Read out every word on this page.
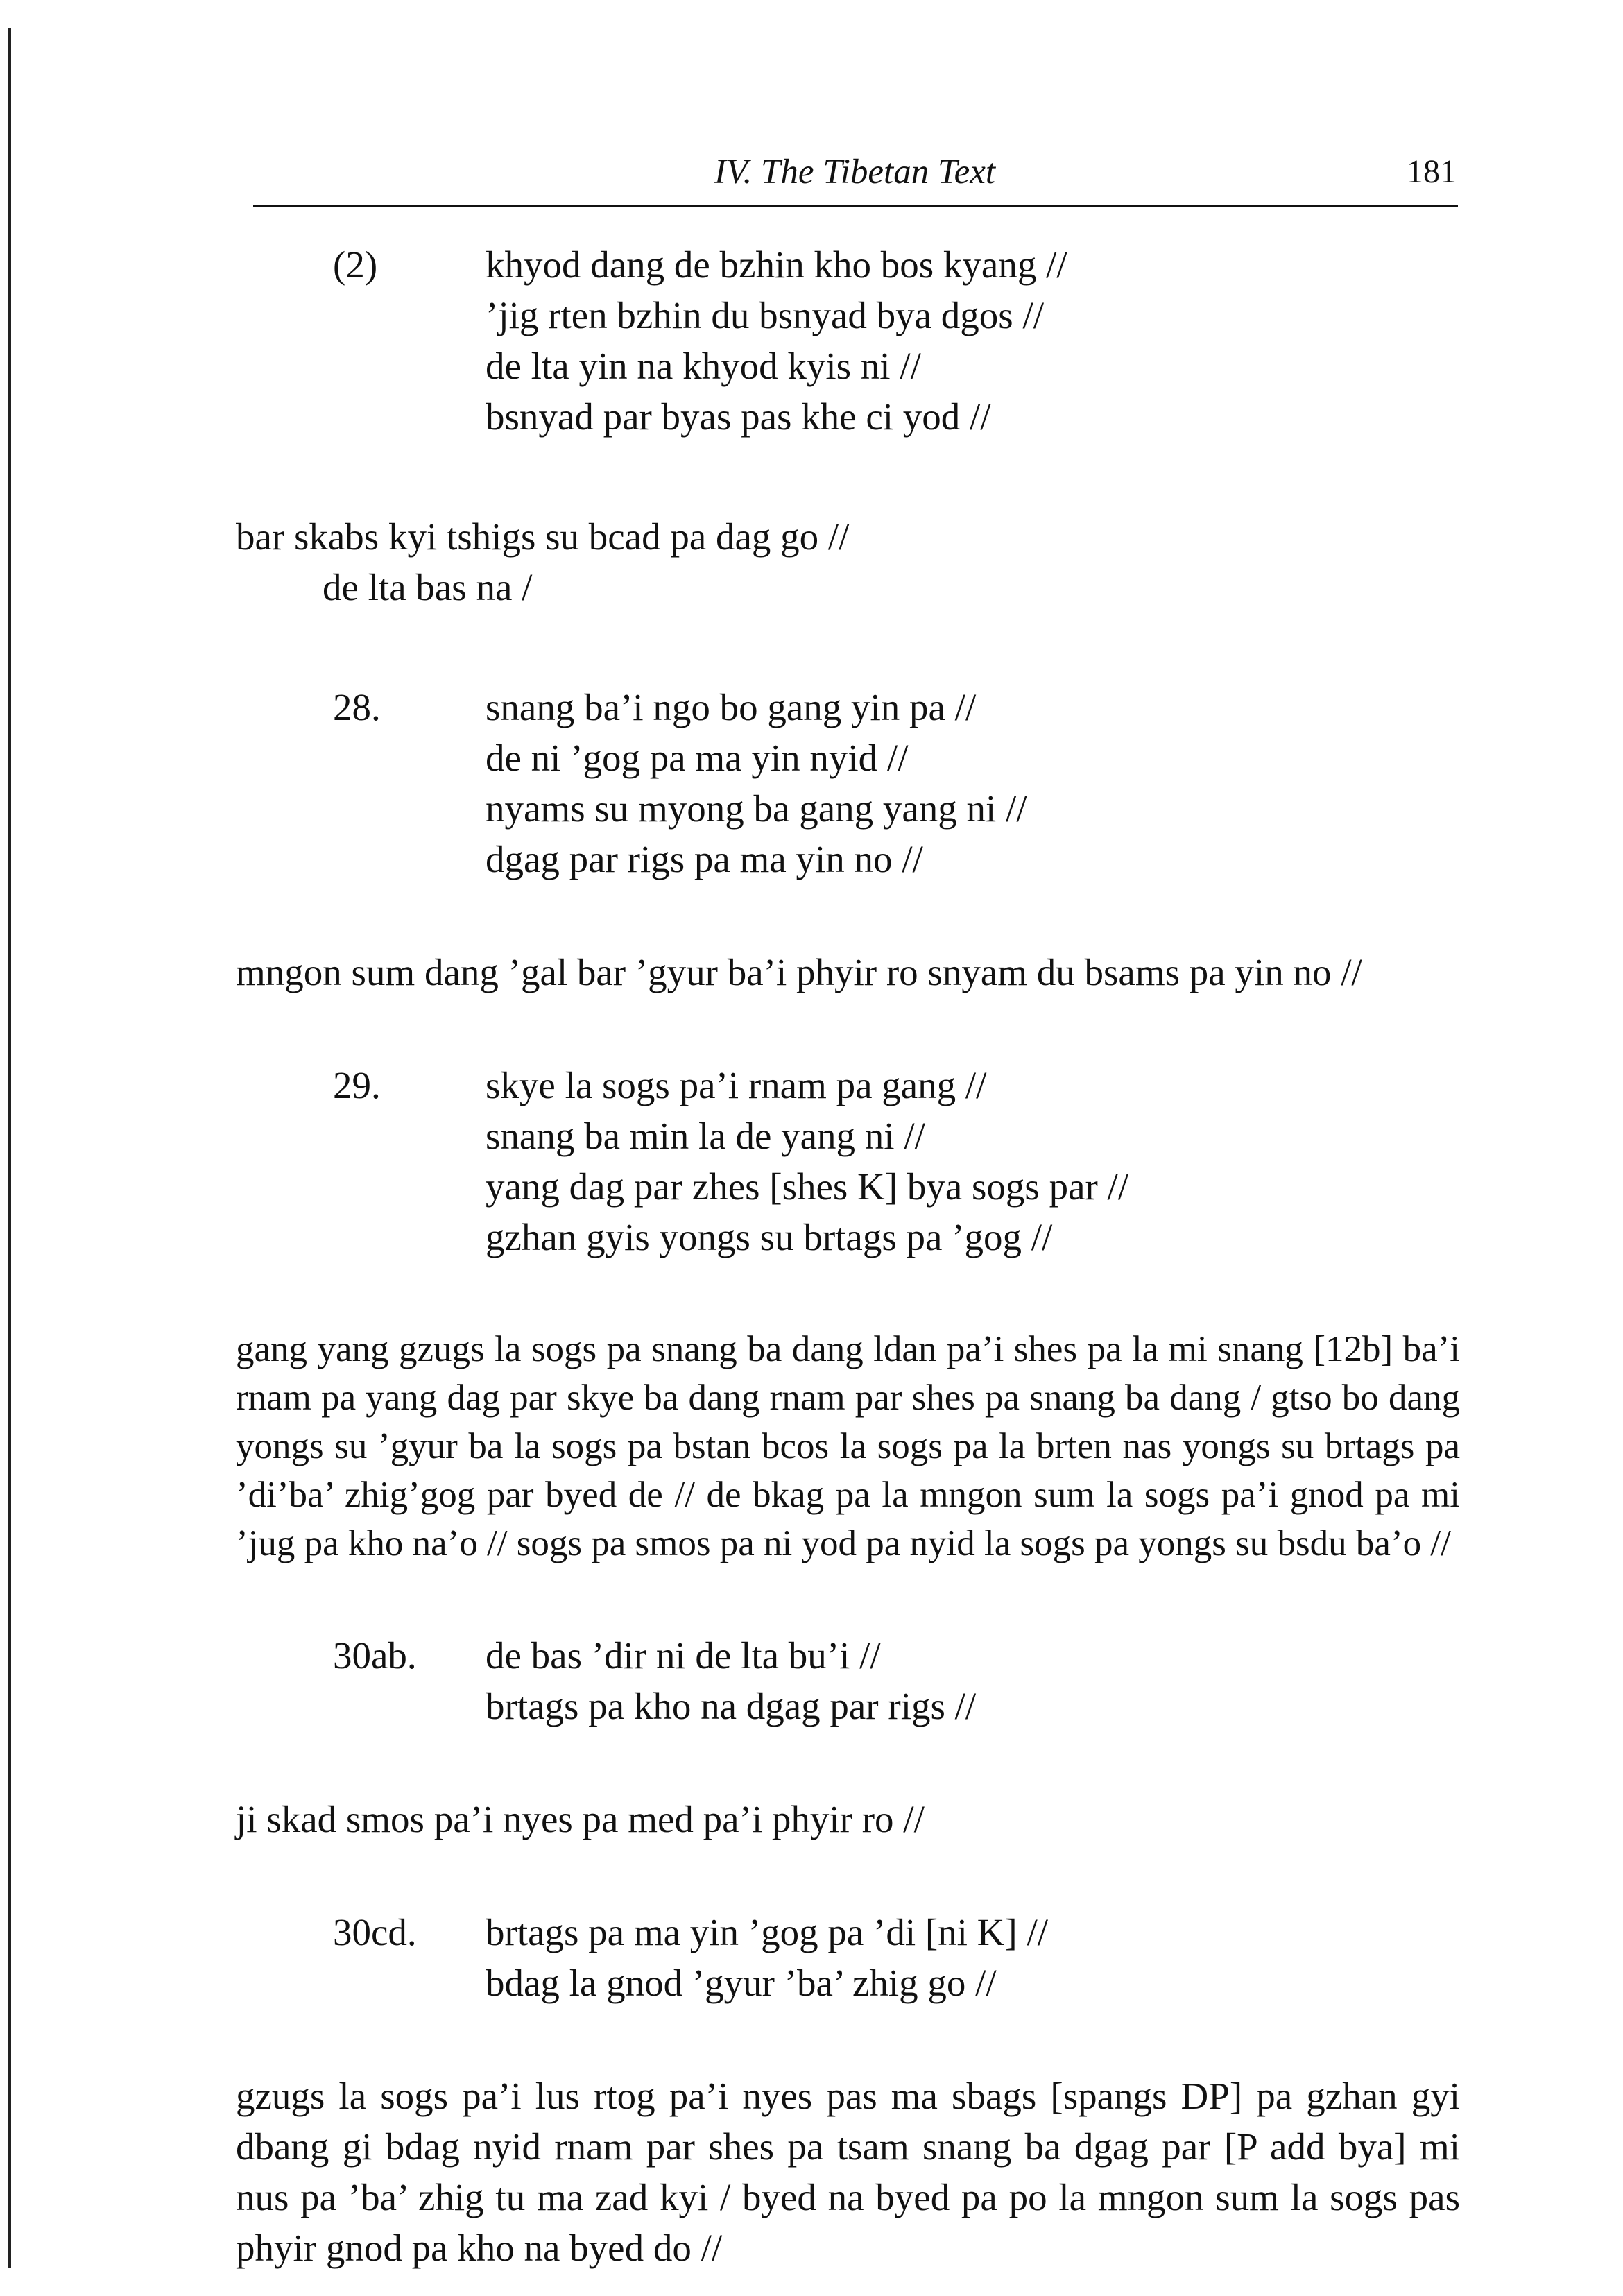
IV. The Tibetan Text	181
(2)	khyod dang de bzhin kho bos kyang //
’jig rten bzhin du bsnyad bya dgos //
de lta yin na khyod kyis ni //
bsnyad par byas pas khe ci yod //
bar skabs kyi tshigs su bcad pa dag go //
de lta bas na /
28.	snang ba’i ngo bo gang yin pa //
de ni ’gog pa ma yin nyid //
nyams su myong ba gang yang ni //
dgag par rigs pa ma yin no //

mngon sum dang ’gal bar ’gyur ba’i phyir ro snyam du bsams pa yin no //

29.	skye la sogs pa’i rnam pa gang //
snang ba min la de yang ni //
yang dag par zhes [shes K] bya sogs par //
gzhan gyis yongs su brtags pa ’gog //

gang yang gzugs la sogs pa snang ba dang ldan pa’i shes pa la mi snang [12b] ba’i rnam pa yang dag par skye ba dang rnam par shes pa snang ba dang / gtso bo dang yongs su ’gyur ba la sogs pa bstan bcos la sogs pa la brten nas yongs su brtags pa ’di’ba’ zhig’gog par byed de // de bkag pa la mngon sum la sogs pa’i gnod pa mi ’jug pa kho na’o // sogs pa smos pa ni yod pa nyid la sogs pa yongs su bsdu ba’o //

30ab.	de bas ’dir ni de lta bu’i //
brtags pa kho na dgag par rigs //

ji skad smos pa’i nyes pa med pa’i phyir ro //

30cd.	brtags pa ma yin ’gog pa ’di [ni K] //
bdag la gnod ’gyur ’ba’ zhig go //

gzugs la sogs pa’i lus rtog pa’i nyes pas ma sbags [spangs DP] pa gzhan gyi dbang gi bdag nyid rnam par shes pa tsam snang ba dgag par [P add bya] mi nus pa ’ba’ zhig tu ma zad kyi / byed na byed pa po la mngon sum la sogs pas phyir gnod pa kho na byed do //
